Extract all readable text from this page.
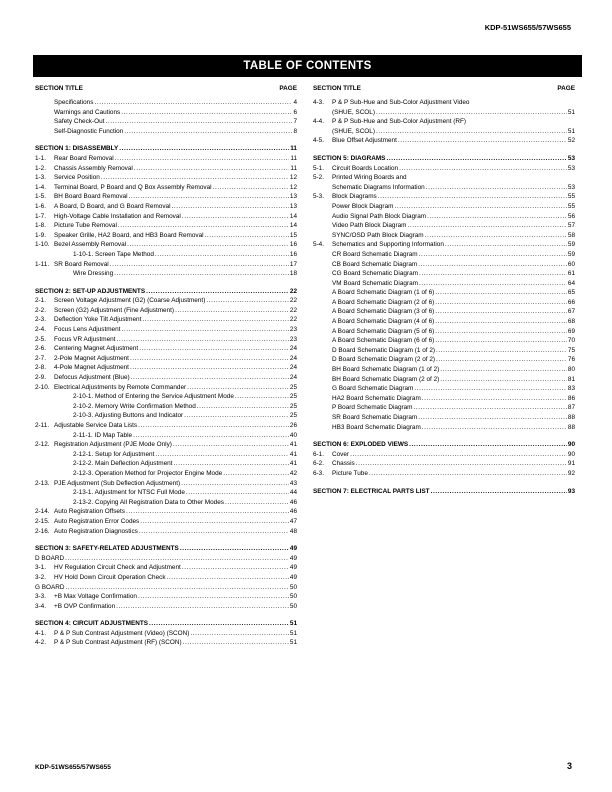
KDP-51WS655/57WS655
TABLE OF CONTENTS
SECTION TITLE	PAGE
Specifications .....	4
Warnings and Cautions .....	6
Safety Check-Out .....	7
Self-Diagnostic Function .....	8
SECTION 1: DISASSEMBLY .....	11
1-1.	Rear Board Removal .....	11
1-2.	Chassis Assembly Removal .....	11
1-3.	Service Position .....	12
1-4.	Terminal Board, P Board and Q Box Assembly Removal .....	12
1-5.	BH Board Board Removal .....	13
1-6.	A Board, D Board, and G Board Removal .....	13
1-7.	High-Voltage Cable Installation and Removal .....	14
1-8.	Picture Tube Removal .....	14
1-9.	Speaker Grille, HA2 Board, and HB3 Board Removal .....	15
1-10. Bezel Assembly Removal .....	16
1-10-1. Screen Tape Method .....	16
1-11. SR Board Removal .....	17
Wire Dressing .....	18
SECTION 2: SET-UP ADJUSTMENTS .....	22
2-1.	Screen Voltage Adjustment (G2) (Coarse Adjustment) .....	22
2-2.	Screen (G2) Adjustment (Fine Adjustment) .....	22
2-3.	Deflection Yoke Tilt Adjustment .....	22
2-4.	Focus Lens Adjustment .....	23
2-5.	Focus VR Adjustment .....	23
2-6.	Centering Magnet Adjustment .....	24
2-7.	2-Pole Magnet Adjustment .....	24
2-8.	4-Pole Magnet Adjustment .....	24
2-9.	Defocus Adjustment (Blue) .....	24
2-10. Electrical Adjustments by Remote Commander .....	25
2-10-1. Method of Entering the Service Adjustment Mode .....	25
2-10-2. Memory Write Confirmation Method .....	25
2-10-3. Adjusting Buttons and Indicator .....	25
2-11. Adjustable Service Data Lists .....	26
2-11-1. ID Map Table .....	40
2-12. Registration Adjustment (PJE Mode Only) .....	41
2-12-1. Setup for Adjustment .....	41
2-12-2. Main Deflection Adjustment .....	41
2-12-3. Operation Method for Projector Engine Mode .....	42
2-13. PJE Adjustment (Sub Deflection Adjustment) .....	43
2-13-1. Adjustment for NTSC Full Mode .....	44
2-13-2. Copying All Registration Data to Other Modes .....	46
2-14. Auto Registration Offsets .....	46
2-15. Auto Registration Error Codes .....	47
2-16. Auto Registration Diagnostics .....	48
SECTION 3: SAFETY-RELATED ADJUSTMENTS .....	49
D BOARD .....	49
3-1.	HV Regulation Circuit Check and Adjustment .....	49
3-2.	HV Hold Down Circuit Operation Check .....	49
G BOARD .....	50
3-3.	+B Max Voltage Confirmation .....	50
3-4.	+B OVP Confirmation .....	50
SECTION 4: CIRCUIT ADJUSTMENTS .....	51
4-1.	P & P Sub Contrast Adjustment (Video) (SCON) .....	51
4-2.	P & P Sub Contrast Adjustment (RF) (SCON) .....	51
SECTION TITLE	PAGE
4-3.	P & P Sub-Hue and Sub-Color Adjustment Video
(SHUE, SCOL) .....	51
4-4.	P & P Sub-Hue and Sub-Color Adjustment (RF)
(SHUE, SCOL) .....	51
4-5.	Blue Offset Adjustment .....	52
SECTION 5: DIAGRAMS .....	53
5-1.	Circuit Boards Location .....	53
5-2.	Printed Wiring Boards and
Schematic Diagrams Information .....	53
5-3.	Block Diagrams .....	55
Power Block Diagram .....	55
Audio Signal Path Block Diagram .....	56
Video Path Block Diagram .....	57
SYNC/OSD Path Block Diagram .....	58
5-4.	Schematics and Supporting Information .....	59
CR Board Schematic Diagram .....	59
CB Board Schematic Diagram .....	60
CG Board Schematic Diagram .....	61
VM Board Schematic Diagram .....	64
A Board Schematic Diagram (1 of 6) .....	65
A Board Schematic Diagram (2 of 6) .....	66
A Board Schematic Diagram (3 of 6) .....	67
A Board Schematic Diagram (4 of 6) .....	68
A Board Schematic Diagram (5 of 6) .....	69
A Board Schematic Diagram (6 of 6) .....	70
D Board Schematic Diagram (1 of 2) .....	75
D Board Schematic Diagram (2 of 2) .....	76
BH Board Schematic Diagram (1 of 2) .....	80
BH Board Schematic Diagram (2 of 2) .....	81
G Board Schematic Diagram .....	83
HA2 Board Schematic Diagram .....	86
P Board Schematic Diagram .....	87
SR Board Schematic Diagram .....	88
HB3 Board Schematic Diagram .....	88
SECTION 6: EXPLODED VIEWS .....	90
6-1.	Cover .....	90
6-2.	Chassis .....	91
6-3.	Picture Tube .....	92
SECTION 7: ELECTRICAL PARTS LIST .....	93
KDP-51WS655/57WS655	3
